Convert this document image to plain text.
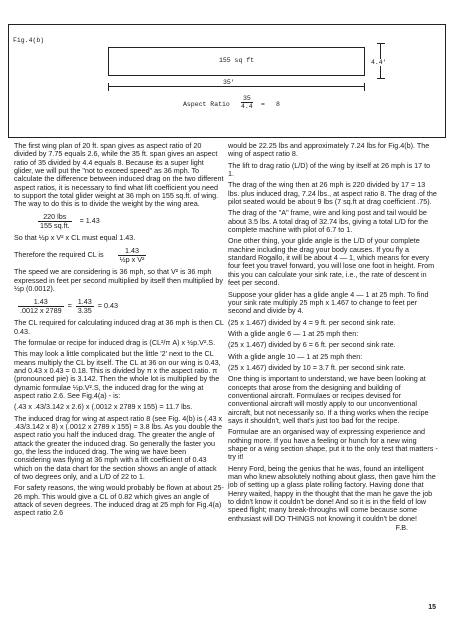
Fig.4(b)
155 sq ft
35'
4.4'
Aspect Ratio $\frac{35}{4.4} = 8$

The first wing plan of 20 ft. span gives as aspect ratio of 20 divided by 7.75 equals 2.6, while the 35 ft. span gives an aspect ratio of 35 divided by 4.4 equals 8. Because its a super light glider, we will put the "not to exceed speed" as 36 mph. To calculate the difference between induced drag on the two different aspect ratios, it is necessary to find what lift coefficient you need to support the total glider weight at 36 mph on 155 sq.ft. of wing. The way to do this is to divide the weight by the wing area.

$\frac{\text{220 lbs}}{155 sq.ft.} = 1.43$

So that ½p x V² x CL must equal 1.43.

Therefore the required CL is $\frac{1.43}{\text{½p x V²}}$

The speed we are considering is 36 mph, so that V² is 36 mph expressed in feet per second multiplied by itself then multiplied by ½p (0.0012).

$\frac{1.43}{.0012 x 2789} = \frac{1.43}{3.35} = 0.43$

The CL required for calculating induced drag at 36 mph is then CL 0.43.

The formulae or recipe for induced drag is (CL²/π A) x ½p.V².S.

This may look a little complicated but the little '2' next to the CL means multiply the CL by itself. The CL at 36 on our wing is 0.43, and 0.43 x 0.43 = 0.18. This is divided by π x the aspect ratio. π (pronounced pie) is 3.142. Then the whole lot is multiplied by the dynamic formulae ½p.V².S, the induced drag for the wing at aspect ratio 2.6. See Fig.4(a) - is:

(.43 x .43/3.142 x 2.6) x (.0012 x 2789 x 155) = 11.7 lbs.

The induced drag for wing at aspect ratio 8 (see Fig. 4(b) is (.43 x .43/3.142 x 8) x (.0012 x 2789 x 155) = 3.8 lbs. As you double the aspect ratio you half the induced drag. The greater the angle of attack the greater the induced drag. So generally the faster you go, the less the induced drag. The wing we have been considering was flying at 36 mph with a lift coefficient of 0.43 which on the data chart for the section shows an angle of attack of two degrees only, and a L/D of 22 to 1.

For safety reasons, the wing would probably be flown at about 25-26 mph. This would give a CL of 0.82 which gives an angle of attack of seven degrees. The induced drag at 25 mph for Fig.4(a) aspect ratio 2.6

would be 22.25 lbs and approximately 7.24 lbs for Fig.4(b). The wing of aspect ratio 8.

The lift to drag ratio (L/D) of the wing by itself at 26 mph is 17 to 1.

The drag of the wing then at 26 mph is 220 divided by 17 = 13 lbs. plus induced drag, 7.24 lbs., at aspect ratio 8. The drag of the pilot seated would be about 9 lbs (7 sq.ft at drag coefficient .75).

The drag of the "A" frame, wire and king post and tail would be about 3.5 lbs. A total drag of 32.74 lbs, giving a total L/D for the complete machine with pilot of 6.7 to 1.

One other thing, your glide angle is the L/D of your complete machine including the drag your body causes. If you fly a standard Rogallo, it will be about 4 — 1, which means for every four feet you travel forward, you will lose one foot in height. From this you can calculate your sink rate, i.e., the rate of descent in feet per second.

Suppose your glider has a glide angle 4 — 1 at 25 mph. To find your sink rate multiply 25 mph x 1.467 to change to feet per second and divide by 4.

(25 x 1.467) divided by 4 = 9 ft. per second sink rate.

With a glide angle 6 — 1 at 25 mph then:

(25 x 1.467) divided by 6 = 6 ft. per second sink rate.

With a glide angle 10 — 1 at 25 mph then:

(25 x 1.467) divided by 10 = 3.7 ft. per second sink rate.

One thing is important to understand, we have been looking at concepts that arose from the designing and building of conventional aircraft. Formulaes or recipes devised for conventional aircraft will mostly apply to our unconventional aircraft, but not necessarily so. If a thing works when the recipe says it shouldn't, well that's just too bad for the recipe.

Formulae are an organised way of expressing experience and nothing more. If you have a feeling or hunch for a new wing shape or a wing section shape, put it to the only test that matters - try it!

Henry Ford, being the genius that he was, found an intelligent man who knew absolutely nothing about glass, then gave him the job of setting up a glass plate rolling factory. Having done that Henry waited, happy in the thought that the man he gave the job to didn't know it couldn't be done! And so it is in the field of low speed flight; many break-throughs will come because some enthusiast will DO THINGS not knowing it couldn't be done!

F.B.
15
